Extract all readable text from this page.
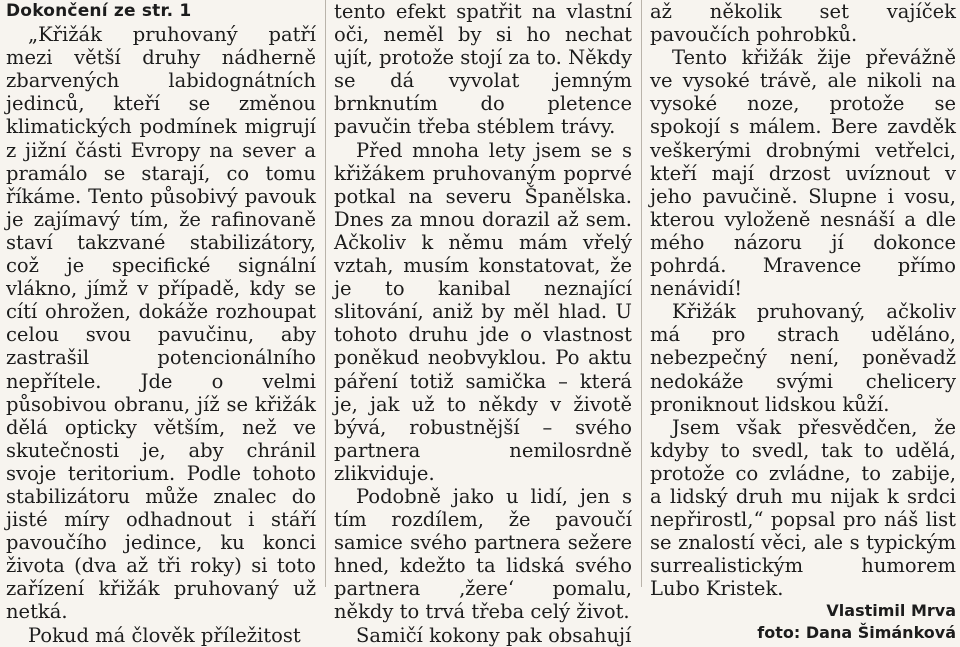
Dokončení ze str. 1

„Křižák pruhovaný patří mezi větší druhy nádherně zbarvených labidognátních jedinců, kteří se změnou klimatických podmínek migrují z jižní části Evropy na sever a pramálo se starají, co tomu říkáme. Tento působivý pavouk je zajímavý tím, že rafinovaně staví takzvané stabilizátory, což je specifické signální vlákno, jímž v případě, kdy se cítí ohrožen, dokáže rozhoupat celou svou pavučinu, aby zastrašil potencionálního nepřítele. Jde o velmi působivou obranu, jíž se křižák dělá opticky větším, než ve skutečnosti je, aby chránil svoje teritorium. Podle tohoto stabilizátoru může znalec do jisté míry odhadnout i stáří pavoučího jedince, ku konci života (dva až tři roky) si toto zařízení křižák pruhovaný už netká.

Pokud má člověk příležitost

tento efekt spatřit na vlastní oči, neměl by si ho nechat ujít, protože stojí za to. Někdy se dá vyvolat jemným brnknutím do pletence pavučin třeba stéblem trávy.

Před mnoha lety jsem se s křižákem pruhovaným poprvé potkal na severu Španělska. Dnes za mnou dorazil až sem. Ačkoliv k němu mám vřelý vztah, musím konstatovat, že je to kanibal neznající slitování, aniž by měl hlad. U tohoto druhu jde o vlastnost poněkud neobvyklou. Po aktu páření totiž samička – která je, jak už to někdy v životě bývá, robustnější – svého partnera nemilosrdně zlikviduje.

Podobně jako u lidí, jen s tím rozdílem, že pavoučí samice svého partnera sežere hned, kdežto ta lidská svého partnera ‚žere‘ pomalu, někdy to trvá třeba celý život.

Samičí kokony pak obsahují

až několik set vajíček pavoučích pohrobků.

Tento křižák žije převážně ve vysoké trávě, ale nikoli na vysoké noze, protože se spokojí s málem. Bere zavděk veškerými drobnými vetřelci, kteří mají drzost uvíznout v jeho pavučině. Slupne i vosu, kterou vyloženě nesnáší a dle mého názoru jí dokonce pohrdá. Mravence přímo nenávidí!

Křižák pruhovaný, ačkoliv má pro strach uděláno, nebezpečný není, poněvadž nedokáže svými chelicery proniknout lidskou kůží.

Jsem však přesvědčen, že kdyby to svedl, tak to udělá, protože co zvládne, to zabije, a lidský druh mu nijak k srdci nepřirostl,“ popsal pro náš list se znalostí věci, ale s typickým surrealistickým humorem Lubo Kristek.

Vlastimil Mrva
foto: Dana Šimánková
